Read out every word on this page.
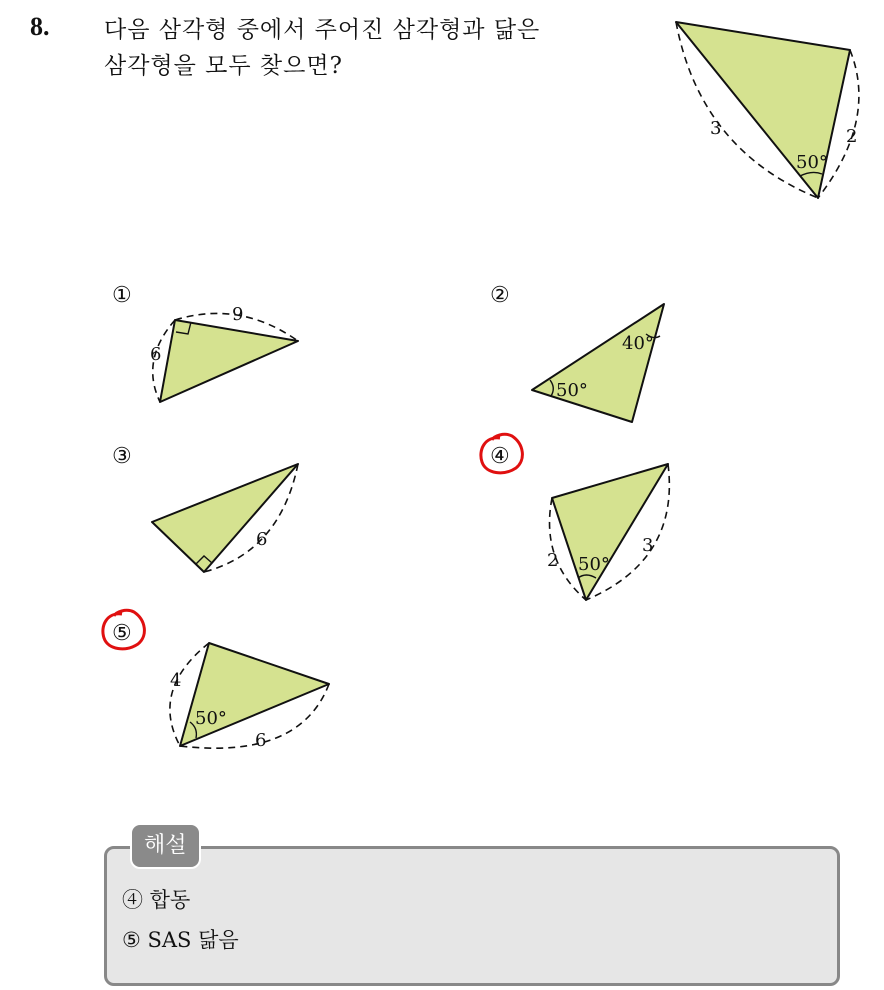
8. 다음 삼각형 중에서 주어진 삼각형과 닮은
삼각형을 모두 찾으면?
3	2
50°
①
9
6
②
40°
50°
③
6
④
2 50°
3
⑤
4
50°
6
해설
④ 합동
⑤ SAS 닮음
